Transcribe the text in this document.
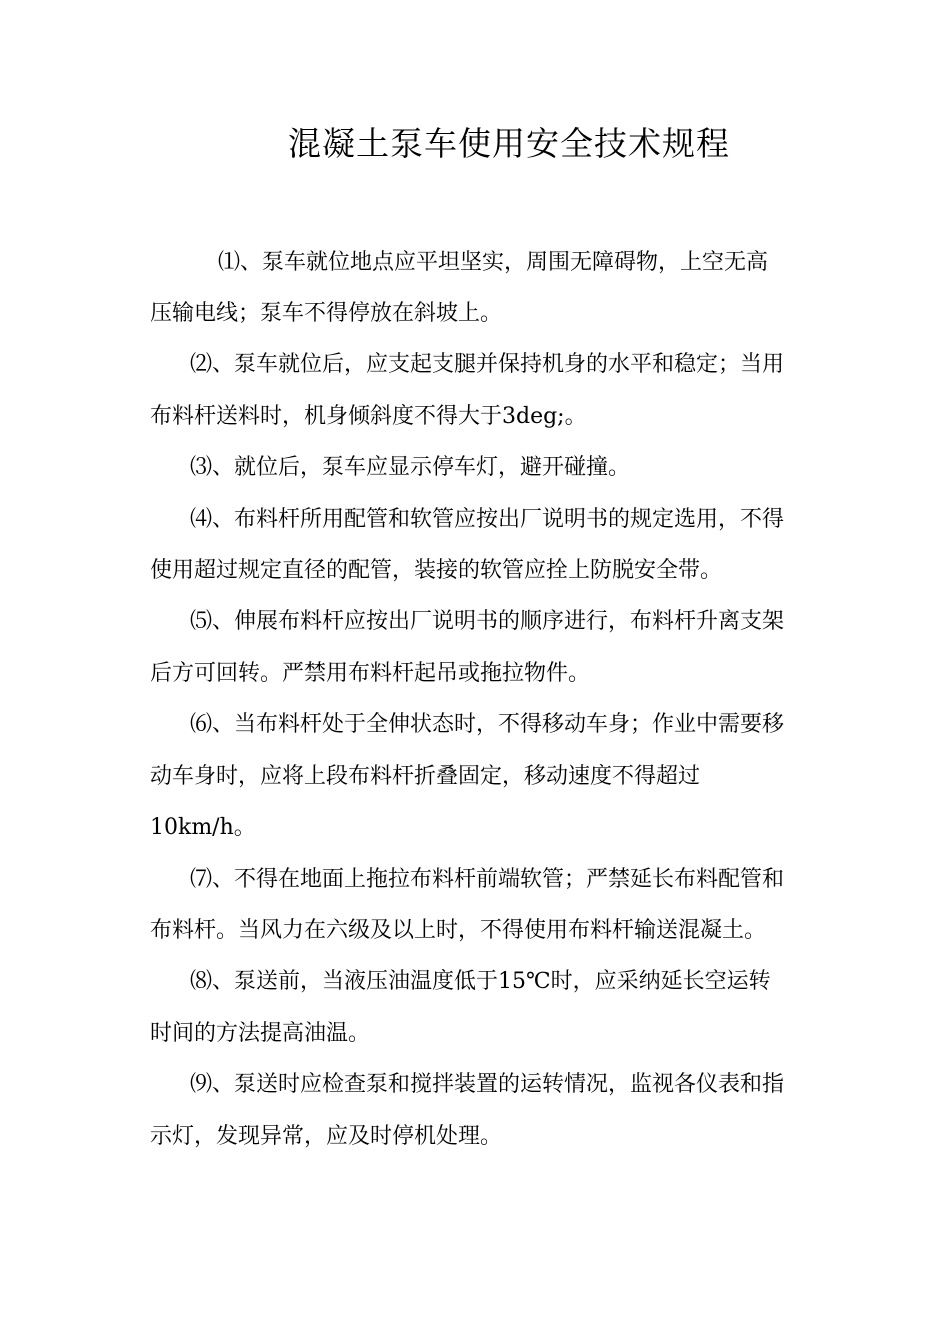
混凝土泵车使用安全技术规程
⑴、泵车就位地点应平坦坚实，周围无障碍物，上空无高
压输电线；泵车不得停放在斜坡上。
⑵、泵车就位后，应支起支腿并保持机身的水平和稳定；当用
布料杆送料时，机身倾斜度不得大于3deg;。
⑶、就位后，泵车应显示停车灯，避开碰撞。
⑷、布料杆所用配管和软管应按出厂说明书的规定选用，不得
使用超过规定直径的配管，装接的软管应拴上防脱安全带。
⑸、伸展布料杆应按出厂说明书的顺序进行，布料杆升离支架
后方可回转。严禁用布料杆起吊或拖拉物件。
⑹、当布料杆处于全伸状态时，不得移动车身；作业中需要移
动车身时，应将上段布料杆折叠固定，移动速度不得超过
10km/h。
⑺、不得在地面上拖拉布料杆前端软管；严禁延长布料配管和
布料杆。当风力在六级及以上时，不得使用布料杆输送混凝土。
⑻、泵送前，当液压油温度低于15℃时，应采纳延长空运转
时间的方法提高油温。
⑼、泵送时应检查泵和搅拌装置的运转情况，监视各仪表和指
示灯，发现异常，应及时停机处理。
